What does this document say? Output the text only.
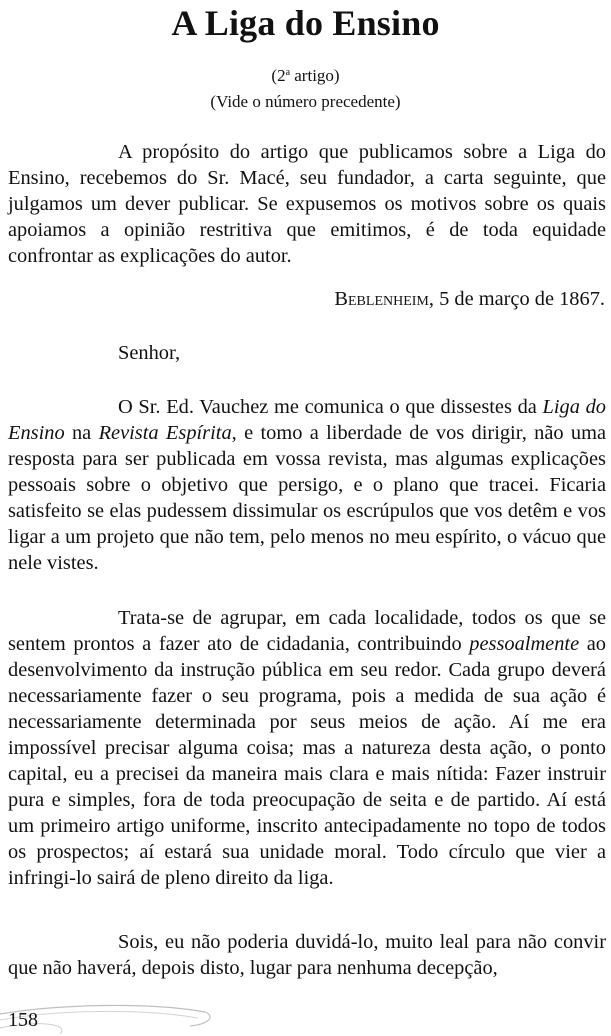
A Liga do Ensino
(2$^a$ artigo)
(Vide o número precedente)

A propósito do artigo que publicamos sobre a Liga do Ensino, recebemos do Sr. Macé, seu fundador, a carta seguinte, que julgamos um dever publicar. Se expusemos os motivos sobre os quais apoiamos a opinião restritiva que emitimos, é de toda equidade confrontar as explicações do autor.

Beblenheim, 5 de março de 1867.
Senhor,

O Sr. Ed. Vauchez me comunica o que dissestes da Liga do Ensino na Revista Espírita, e tomo a liberdade de vos dirigir, não uma resposta para ser publicada em vossa revista, mas algumas explicações pessoais sobre o objetivo que persigo, e o plano que tracei. Ficaria satisfeito se elas pudessem dissimular os escrúpulos que vos detêm e vos ligar a um projeto que não tem, pelo menos no meu espírito, o vácuo que nele vistes.

Trata-se de agrupar, em cada localidade, todos os que se sentem prontos a fazer ato de cidadania, contribuindo pessoalmente ao desenvolvimento da instrução pública em seu redor. Cada grupo deverá necessariamente fazer o seu programa, pois a medida de sua ação é necessariamente determinada por seus meios de ação. Aí me era impossível precisar alguma coisa; mas a natureza desta ação, o ponto capital, eu a precisei da maneira mais clara e mais nítida: Fazer instruir pura e simples, fora de toda preocupação de seita e de partido. Aí está um primeiro artigo uniforme, inscrito antecipadamente no topo de todos os prospectos; aí estará sua unidade moral. Todo círculo que vier a infringi-lo sairá de pleno direito da liga.

Sois, eu não poderia duvidá-lo, muito leal para não convir que não haverá, depois disto, lugar para nenhuma decepção,

158
